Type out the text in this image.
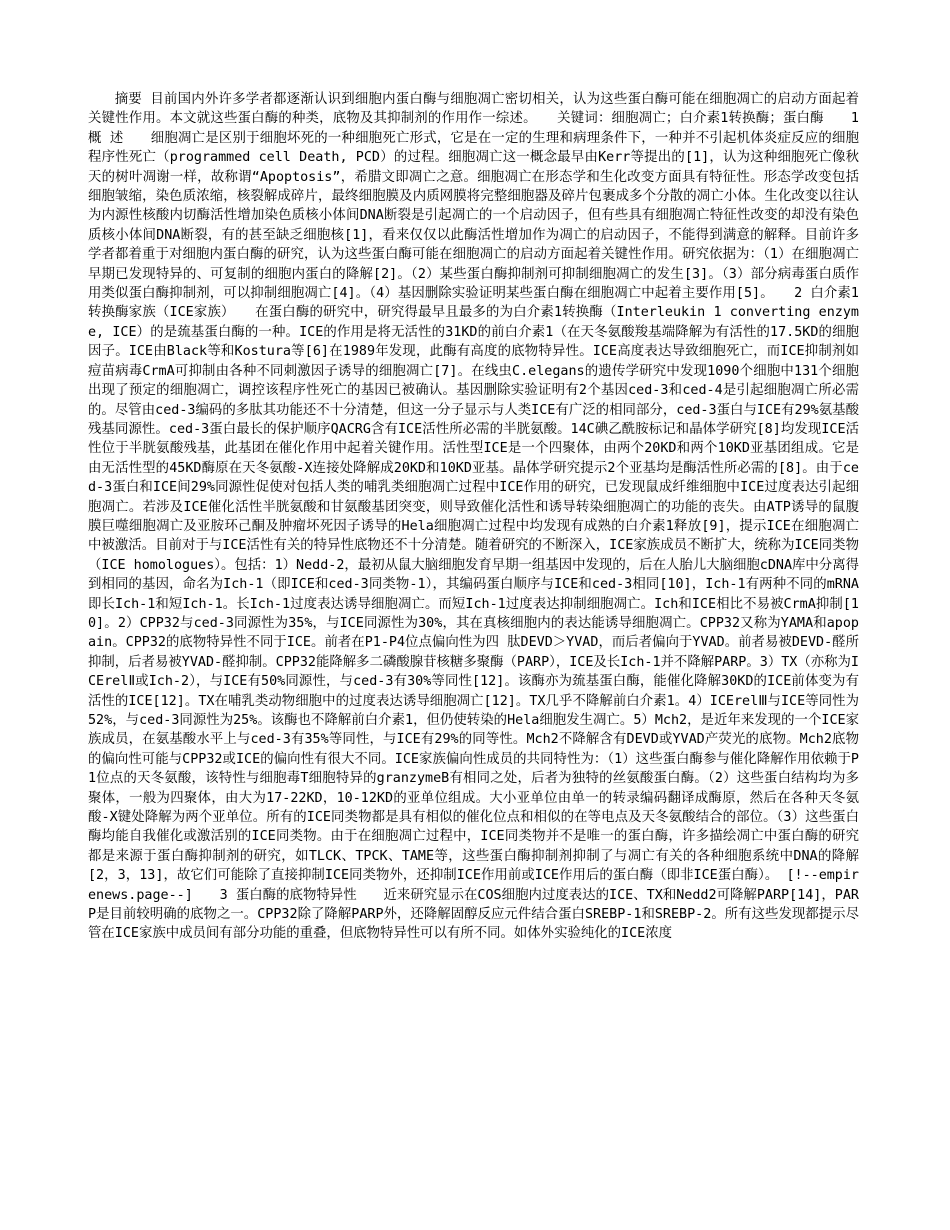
摘要 目前国内外许多学者都逐渐认识到细胞内蛋白酶与细胞凋亡密切相关，认为这些蛋白酶可能在细胞凋亡的启动方面起着关键性作用。本文就这些蛋白酶的种类，底物及其抑制剂的作用作一综述。　　关键词：细胞凋亡；白介素1转换酶；蛋白酶　　1 概 述　　细胞凋亡是区别于细胞坏死的一种细胞死亡形式，它是在一定的生理和病理条件下，一种并不引起机体炎症反应的细胞程序性死亡（programmed cell Death, PCD）的过程。细胞凋亡这一概念最早由Kerr等提出的[1]，认为这种细胞死亡像秋天的树叶凋谢一样，故称谓“Apoptosis”，希腊文即凋亡之意。细胞凋亡在形态学和生化改变方面具有特征性。形态学改变包括细胞皱缩，染色质浓缩，核裂解成碎片，最终细胞膜及内质网膜将完整细胞器及碎片包裹成多个分散的凋亡小体。生化改变以往认为内源性核酸内切酶活性增加染色质核小体间DNA断裂是引起凋亡的一个启动因子，但有些具有细胞凋亡特征性改变的却没有染色质核小体间DNA断裂，有的甚至缺乏细胞核[1]，看来仅仅以此酶活性增加作为凋亡的启动因子，不能得到满意的解释。目前许多学者都着重于对细胞内蛋白酶的研究，认为这些蛋白酶可能在细胞凋亡的启动方面起着关键性作用。研究依据为：（1）在细胞凋亡早期已发现特异的、可复制的细胞内蛋白的降解[2]。（2）某些蛋白酶抑制剂可抑制细胞凋亡的发生[3]。（3）部分病毒蛋白质作用类似蛋白酶抑制剂，可以抑制细胞凋亡[4]。（4）基因删除实验证明某些蛋白酶在细胞凋亡中起着主要作用[5]。　　2 白介素1转换酶家族（ICE家族）　　在蛋白酶的研究中，研究得最早且最多的为白介素1转换酶（Interleukin 1 converting enzyme, ICE）的是巯基蛋白酶的一种。ICE的作用是将无活性的31KD的前白介素1（在天冬氨酸羧基端降解为有活性的17.5KD的细胞因子。ICE由Black等和Kostura等[6]在1989年发现，此酶有高度的底物特异性。ICE高度表达导致细胞死亡，而ICE抑制剂如痘苗病毒CrmA可抑制由各种不同刺激因子诱导的细胞凋亡[7]。在线虫C.elegans的遗传学研究中发现1090个细胞中131个细胞出现了预定的细胞凋亡，调控该程序性死亡的基因已被确认。基因删除实验证明有2个基因ced-3和ced-4是引起细胞凋亡所必需的。尽管由ced-3编码的多肽其功能还不十分清楚，但这一分子显示与人类ICE有广泛的相同部分，ced-3蛋白与ICE有29%氨基酸残基同源性。ced-3蛋白最长的保护顺序QACRG含有ICE活性所必需的半胱氨酸。14C碘乙酰胺标记和晶体学研究[8]均发现ICE活性位于半胱氨酸残基，此基团在催化作用中起着关键作用。活性型ICE是一个四聚体，由两个20KD和两个10KD亚基团组成。它是由无活性型的45KD酶原在天冬氨酸-X连接处降解成20KD和10KD亚基。晶体学研究提示2个亚基均是酶活性所必需的[8]。由于ced-3蛋白和ICE间29%同源性促使对包括人类的哺乳类细胞凋亡过程中ICE作用的研究，已发现鼠成纤维细胞中ICE过度表达引起细胞凋亡。若涉及ICE催化活性半胱氨酸和甘氨酸基团突变，则导致催化活性和诱导转染细胞凋亡的功能的丧失。由ATP诱导的鼠腹膜巨噬细胞凋亡及亚胺环己酮及肿瘤坏死因子诱导的Hela细胞凋亡过程中均发现有成熟的白介素1释放[9]，提示ICE在细胞凋亡中被激活。目前对于与ICE活性有关的特异性底物还不十分清楚。随着研究的不断深入，ICE家族成员不断扩大，统称为ICE同类物（ICE homologues）。包括：1）Nedd-2，最初从鼠大脑细胞发育早期一组基因中发现的，后在人胎儿大脑细胞cDNA库中分离得到相同的基因，命名为Ich-1（即ICE和ced-3同类物-1），其编码蛋白顺序与ICE和ced-3相同[10]，Ich-1有两种不同的mRNA即长Ich-1和短Ich-1。长Ich-1过度表达诱导细胞凋亡。而短Ich-1过度表达抑制细胞凋亡。Ich和ICE相比不易被CrmA抑制[10]。2）CPP32与ced-3同源性为35%，与ICE同源性为30%，其在真核细胞内的表达能诱导细胞凋亡。CPP32又称为YAMA和apopain。CPP32的底物特异性不同于ICE。前者在P1-P4位点偏向性为四 肽DEVD＞YVAD，而后者偏向于YVAD。前者易被DEVD-醛所抑制，后者易被YVAD-醛抑制。CPP32能降解多二磷酸腺苷核糖多聚酶（PARP），ICE及长Ich-1并不降解PARP。3）TX（亦称为ICErelⅡ或Ich-2），与ICE有50%同源性，与ced-3有30%等同性[12]。该酶亦为巯基蛋白酶，能催化降解30KD的ICE前体变为有活性的ICE[12]。TX在哺乳类动物细胞中的过度表达诱导细胞凋亡[12]。TX几乎不降解前白介素1。4）ICErelⅢ与ICE等同性为52%，与ced-3同源性为25%。该酶也不降解前白介素1，但仍使转染的Hela细胞发生凋亡。5）Mch2，是近年来发现的一个ICE家族成员，在氨基酸水平上与ced-3有35%等同性，与ICE有29%的同等性。Mch2不降解含有DEVD或YVAD产荧光的底物。Mch2底物的偏向性可能与CPP32或ICE的偏向性有很大不同。ICE家族偏向性成员的共同特性为：（1）这些蛋白酶参与催化降解作用依赖于P1位点的天冬氨酸，该特性与细胞毒T细胞特异的granzymeB有相同之处，后者为独特的丝氨酸蛋白酶。（2）这些蛋白结构均为多聚体，一般为四聚体，由大为17-22KD，10-12KD的亚单位组成。大小亚单位由单一的转录编码翻译成酶原，然后在各种天冬氨酸-X键处降解为两个亚单位。所有的ICE同类物都是具有相似的催化位点和相似的在等电点及天冬氨酸结合的部位。（3）这些蛋白酶均能自我催化或激活别的ICE同类物。由于在细胞凋亡过程中，ICE同类物并不是唯一的蛋白酶，许多描绘凋亡中蛋白酶的研究都是来源于蛋白酶抑制剂的研究，如TLCK、TPCK、TAME等，这些蛋白酶抑制剂抑制了与凋亡有关的各种细胞系统中DNA的降解[2，3，13]，故它们可能除了直接抑制ICE同类物外，还抑制ICE作用前或ICE作用后的蛋白酶（即非ICE蛋白酶）。 [!--empirenews.page--]　　3 蛋白酶的底物特异性　　近来研究显示在COS细胞内过度表达的ICE、TX和Nedd2可降解PARP[14]，PARP是目前较明确的底物之一。CPP32除了降解PARP外，还降解固醇反应元件结合蛋白SREBP-1和SREBP-2。所有这些发现都提示尽管在ICE家族中成员间有部分功能的重叠，但底物特异性可以有所不同。如体外实验纯化的ICE浓度
